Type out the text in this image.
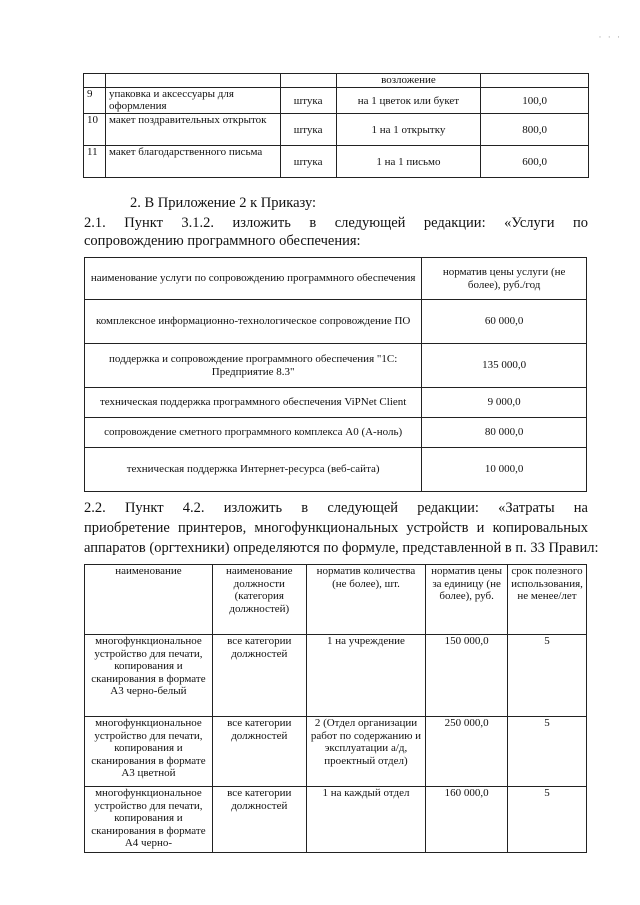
· · ·
			возложение	
9	упаковка и аксессуары для оформления	штука	на 1 цветок или букет	100,0
10	макет поздравительных открыток	штука	1 на 1 открытку	800,0
11	макет благодарственного письма	штука	1 на 1 письмо	600,0
2. В Приложение 2 к Приказу:
2.1. Пункт 3.1.2. изложить в следующей редакции: «Услуги по
сопровождению программного обеспечения:
наименование услуги по сопровождению программного обеспечения	норматив цены услуги (не более), руб./год
комплексное информационно-технологическое сопровождение ПО	60 000,0
поддержка и сопровождение программного обеспечения "1С: Предприятие 8.3"	135 000,0
техническая поддержка программного обеспечения ViPNet Client	9 000,0
сопровождение сметного программного комплекса А0 (А-ноль)	80 000,0
техническая поддержка Интернет-ресурса (веб-сайта)	10 000,0
2.2. Пункт 4.2. изложить в следующей редакции: «Затраты на
приобретение принтеров, многофункциональных устройств и копировальных
аппаратов (оргтехники) определяются по формуле, представленной в п. 33 Правил:
наименование	наименование должности (категория должностей)	норматив количества (не более), шт.	норматив цены за единицу (не более), руб.	срок полезного использования, не менее/лет
многофункциональное устройство для печати, копирования и сканирования в формате А3 черно-белый	все категории должностей	1 на учреждение	150 000,0	5
многофункциональное устройство для печати, копирования и сканирования в формате А3 цветной	все категории должностей	2 (Отдел организации работ по содержанию и эксплуатации а/д, проектный отдел)	250 000,0	5
многофункциональное устройство для печати, копирования и сканирования в формате А4 черно-	все категории должностей	1 на каждый отдел	160 000,0	5
